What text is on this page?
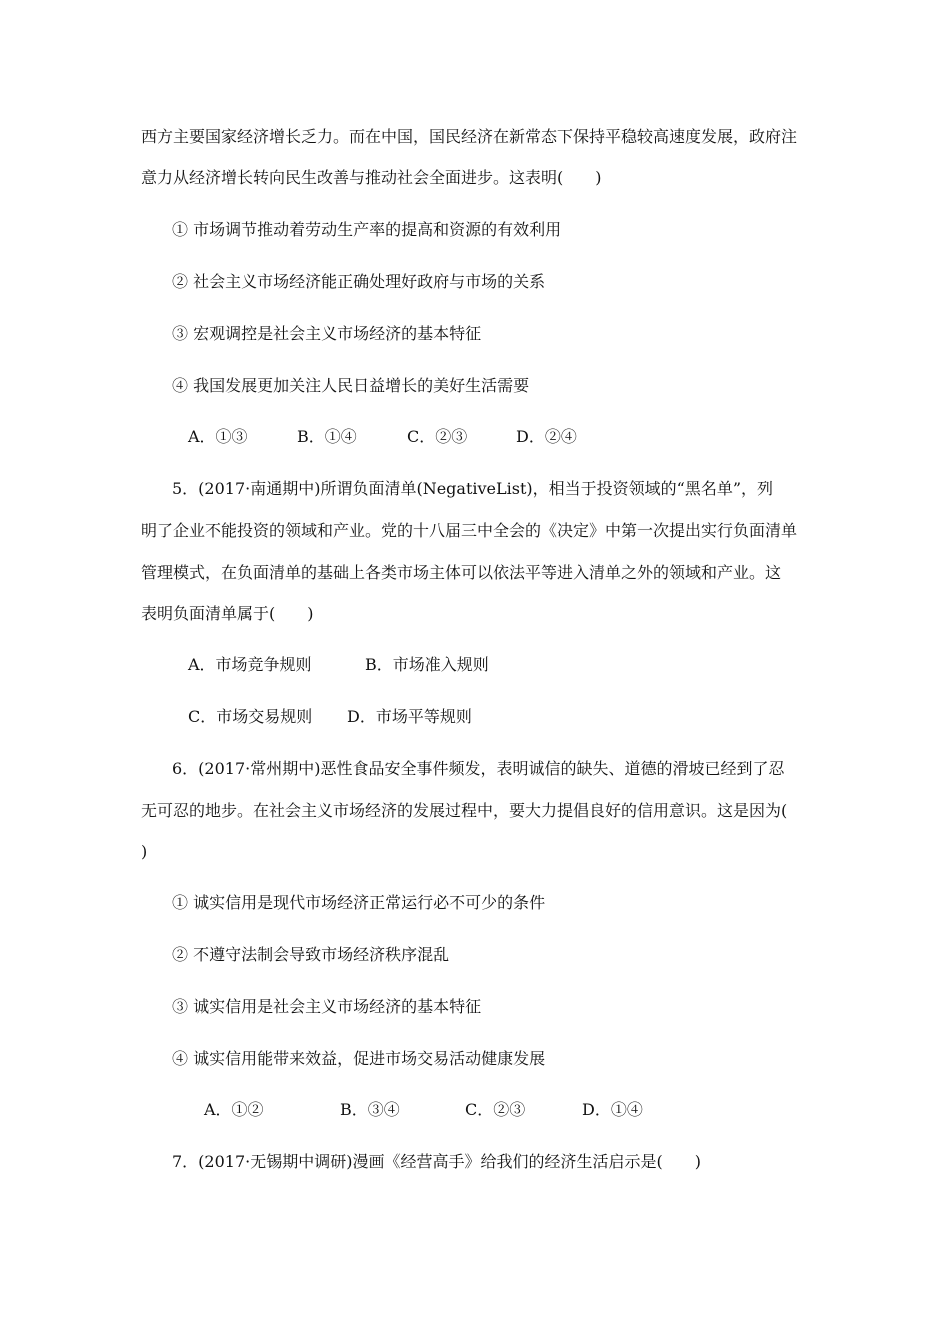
西方主要国家经济增长乏力。而在中国，国民经济在新常态下保持平稳较高速度发展，政府注
意力从经济增长转向民生改善与推动社会全面进步。这表明(　　)
① 市场调节推动着劳动生产率的提高和资源的有效利用
② 社会主义市场经济能正确处理好政府与市场的关系
③ 宏观调控是社会主义市场经济的基本特征
④ 我国发展更加关注人民日益增长的美好生活需要
A．①③	B．①④	C．②③	D．②④
5．(2017·南通期中)所谓负面清单(NegativeList)，相当于投资领域的“黑名单”，列
明了企业不能投资的领域和产业。党的十八届三中全会的《决定》中第一次提出实行负面清单
管理模式，在负面清单的基础上各类市场主体可以依法平等进入清单之外的领域和产业。这
表明负面清单属于(　　)
A．市场竞争规则	B．市场准入规则
C．市场交易规则 D．市场平等规则
6．(2017·常州期中)恶性食品安全事件频发，表明诚信的缺失、道德的滑坡已经到了忍
无可忍的地步。在社会主义市场经济的发展过程中，要大力提倡良好的信用意识。这是因为(
)
① 诚实信用是现代市场经济正常运行必不可少的条件
② 不遵守法制会导致市场经济秩序混乱
③ 诚实信用是社会主义市场经济的基本特征
④ 诚实信用能带来效益，促进市场交易活动健康发展
A．①②	B．③④	C．②③	D．①④
7．(2017·无锡期中调研)漫画《经营高手》给我们的经济生活启示是(　　)
